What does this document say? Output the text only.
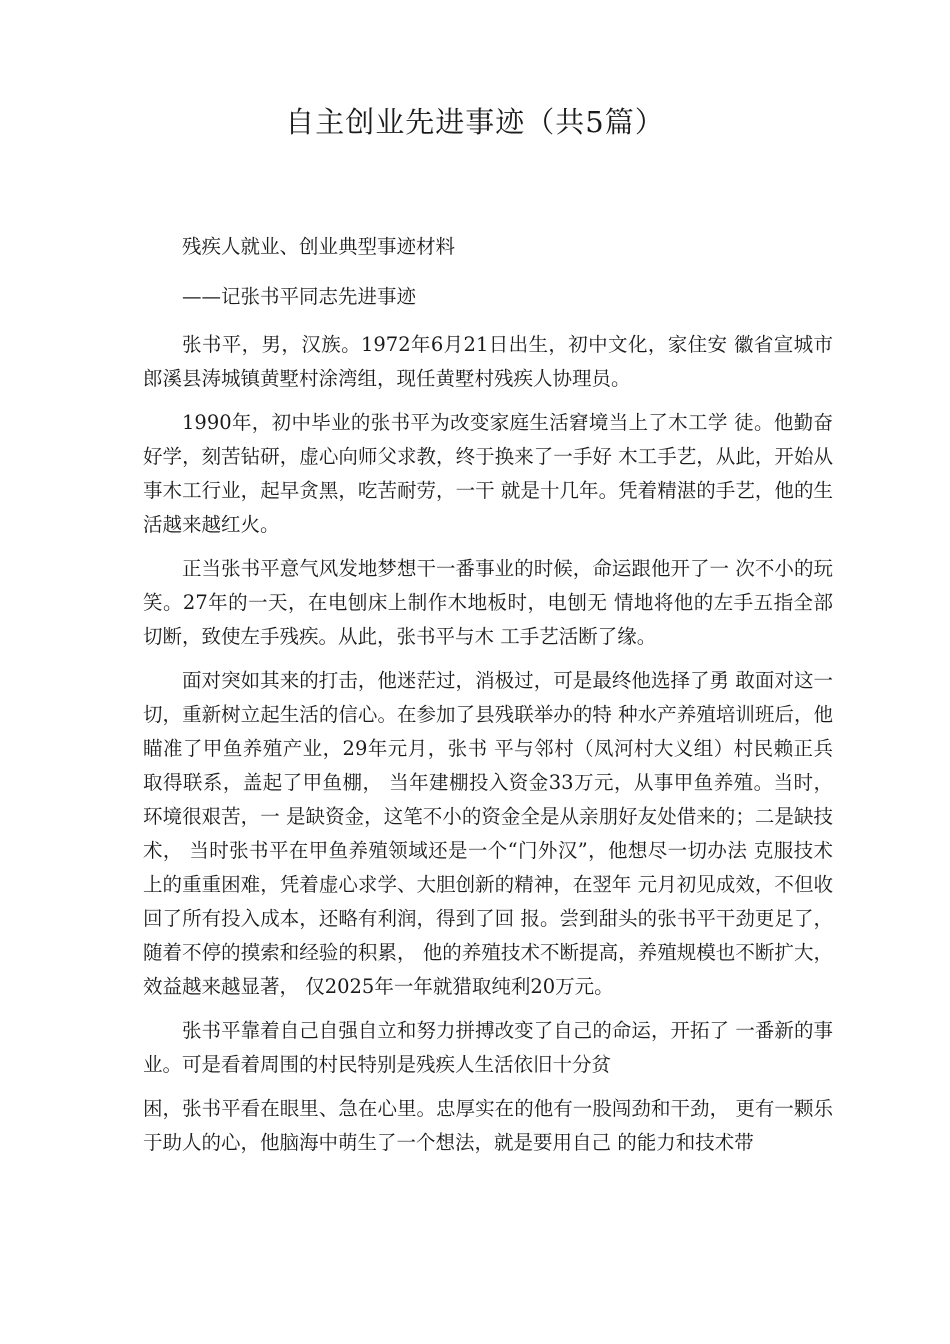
自主创业先进事迹（共5篇）

残疾人就业、创业典型事迹材料

——记张书平同志先进事迹

张书平，男，汉族。1972年6月21日出生，初中文化，家住安 徽省宣城市郎溪县涛城镇黄墅村涂湾组，现任黄墅村残疾人协理员。

1990年，初中毕业的张书平为改变家庭生活窘境当上了木工学 徒。他勤奋好学，刻苦钻研，虚心向师父求教，终于换来了一手好 木工手艺，从此，开始从事木工行业，起早贪黑，吃苦耐劳，一干 就是十几年。凭着精湛的手艺，他的生活越来越红火。

正当张书平意气风发地梦想干一番事业的时候，命运跟他开了一 次不小的玩笑。27年的一天，在电刨床上制作木地板时，电刨无 情地将他的左手五指全部切断，致使左手残疾。从此，张书平与木 工手艺活断了缘。

面对突如其来的打击，他迷茫过，消极过，可是最终他选择了勇 敢面对这一切，重新树立起生活的信心。在参加了县残联举办的特 种水产养殖培训班后，他瞄准了甲鱼养殖产业，29年元月，张书 平与邻村（凤河村大义组）村民赖正兵取得联系，盖起了甲鱼棚， 当年建棚投入资金33万元，从事甲鱼养殖。当时，环境很艰苦，一 是缺资金，这笔不小的资金全是从亲朋好友处借来的；二是缺技术， 当时张书平在甲鱼养殖领域还是一个“门外汉”，他想尽一切办法 克服技术上的重重困难，凭着虚心求学、大胆创新的精神，在翌年 元月初见成效，不但收回了所有投入成本，还略有利润，得到了回 报。尝到甜头的张书平干劲更足了，随着不停的摸索和经验的积累， 他的养殖技术不断提高，养殖规模也不断扩大，效益越来越显著， 仅2025年一年就猎取纯利20万元。

张书平靠着自己自强自立和努力拼搏改变了自己的命运，开拓了 一番新的事业。可是看着周围的村民特别是残疾人生活依旧十分贫

困，张书平看在眼里、急在心里。忠厚实在的他有一股闯劲和干劲， 更有一颗乐于助人的心，他脑海中萌生了一个想法，就是要用自己 的能力和技术带
